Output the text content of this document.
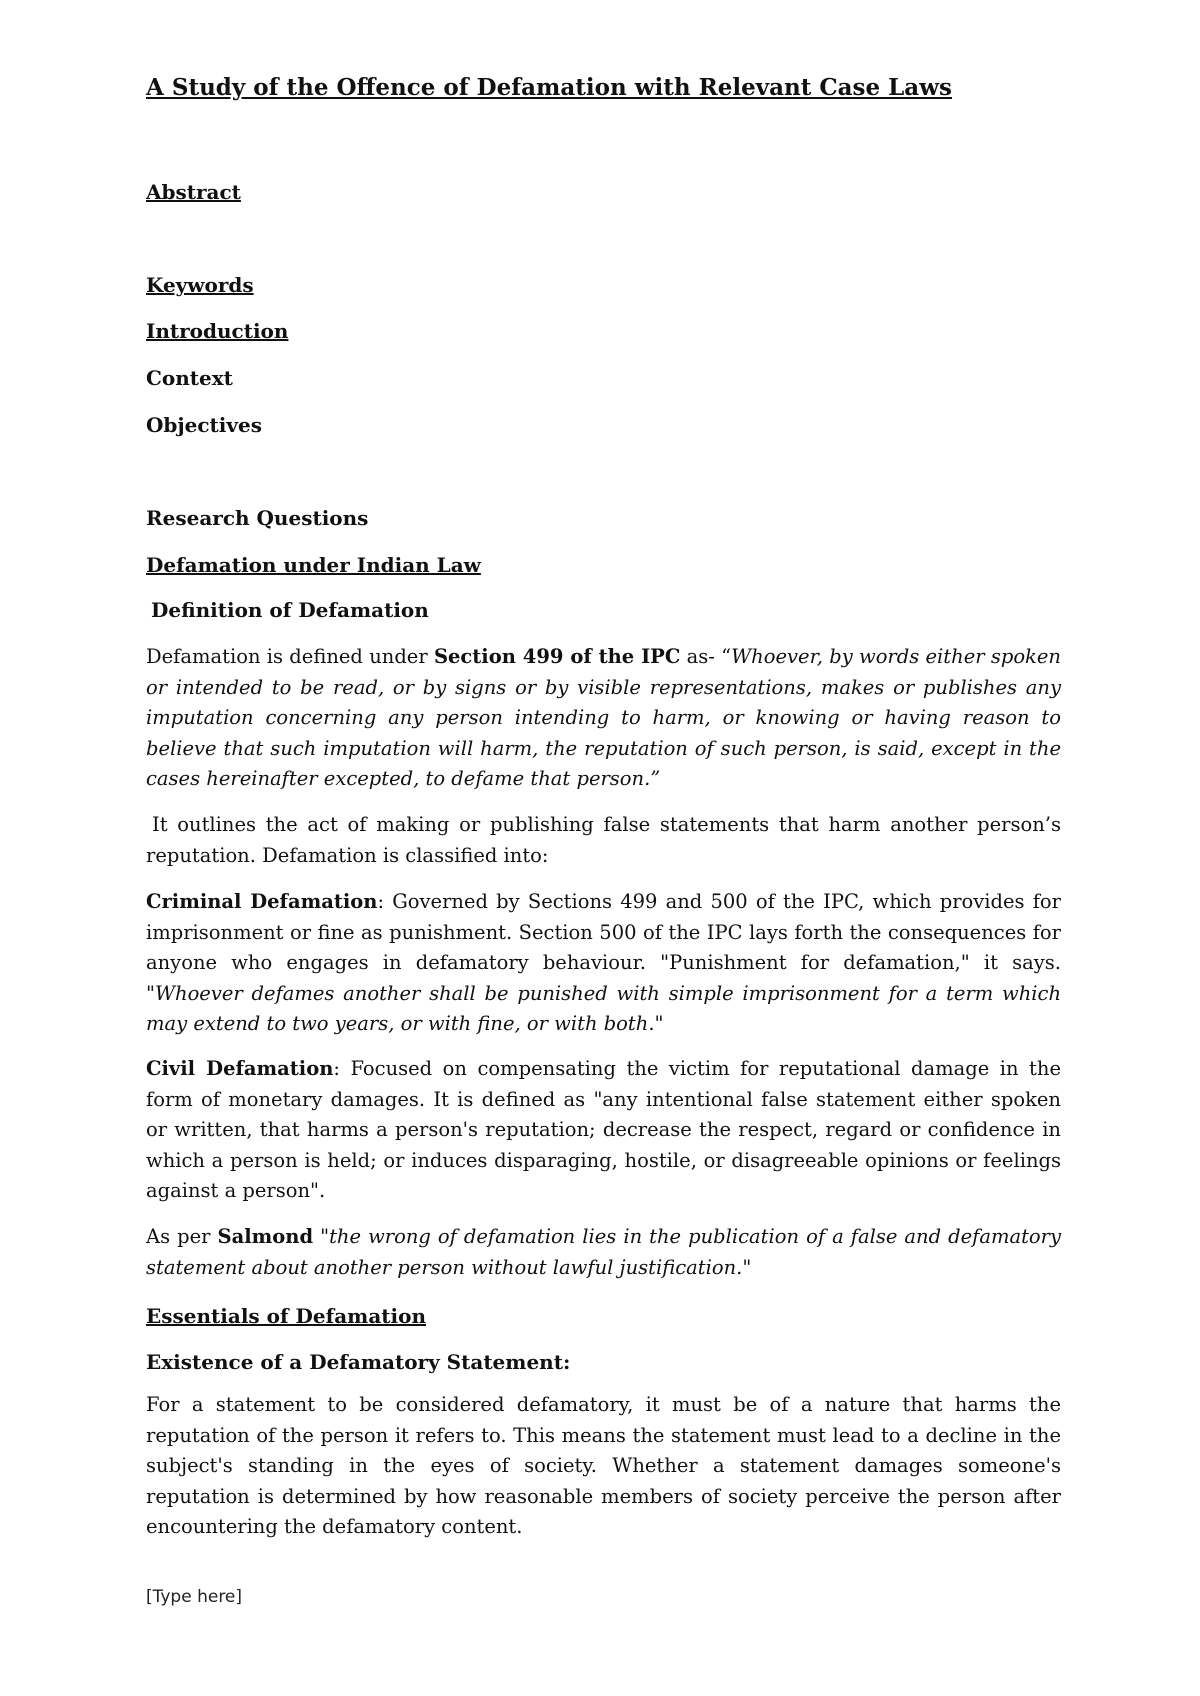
A Study of the Offence of Defamation with Relevant Case Laws
Abstract
Keywords
Introduction
Context
Objectives
Research Questions
Defamation under Indian Law
Definition of Defamation

Defamation is defined under Section 499 of the IPC as- “Whoever, by words either spoken or intended to be read, or by signs or by visible representations, makes or publishes any imputation concerning any person intending to harm, or knowing or having reason to believe that such imputation will harm, the reputation of such person, is said, except in the cases hereinafter excepted, to defame that person.”

It outlines the act of making or publishing false statements that harm another person’s reputation. Defamation is classified into:

Criminal Defamation: Governed by Sections 499 and 500 of the IPC, which provides for imprisonment or fine as punishment. Section 500 of the IPC lays forth the consequences for anyone who engages in defamatory behaviour. "Punishment for defamation," it says. "Whoever defames another shall be punished with simple imprisonment for a term which may extend to two years, or with fine, or with both."

Civil Defamation: Focused on compensating the victim for reputational damage in the form of monetary damages. It is defined as "any intentional false statement either spoken or written, that harms a person's reputation; decrease the respect, regard or confidence in which a person is held; or induces disparaging, hostile, or disagreeable opinions or feelings against a person".

As per Salmond "the wrong of defamation lies in the publication of a false and defamatory statement about another person without lawful justification."

Essentials of Defamation
Existence of a Defamatory Statement:

For a statement to be considered defamatory, it must be of a nature that harms the reputation of the person it refers to. This means the statement must lead to a decline in the subject's standing in the eyes of society. Whether a statement damages someone's reputation is determined by how reasonable members of society perceive the person after encountering the defamatory content.

[Type here]
